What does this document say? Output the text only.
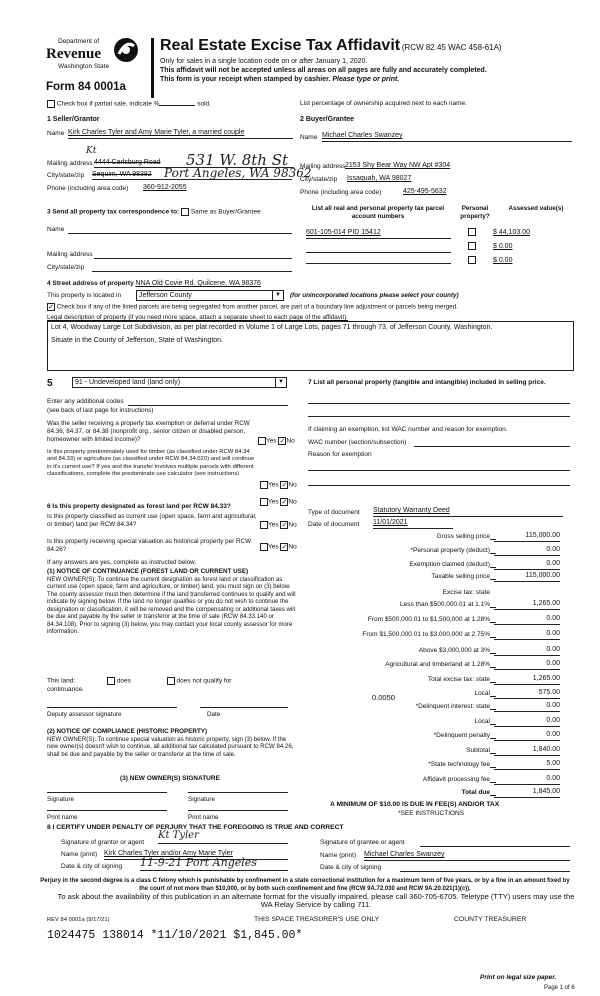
Department of
Revenue
Washington State
Form 84 0001a
Real Estate Excise Tax Affidavit (RCW 82.45 WAC 458-61A)
Only for sales in a single location code on or after January 1, 2020.
This affidavit will not be accepted unless all areas on all pages are fully and accurately completed.
This form is your receipt when stamped by cashier. Please type or print.
Check box if partial sale, indicate %	sold.	List percentage of ownership acquired next to each name.
1 Seller/Grantor
Name Kirk Charles Tyler and Amy Marie Tyler, a married couple
Kt
Mailing address 4444 Carlsburg Road 531 W. 8th St
City/state/zip Sequim, WA 98382 Port Angeles, WA 98362
Phone (including area code) 360-912-2055
2 Buyer/Grantee
Name Michael Charles Swanzey
Mailing address 2153 Shy Bear Way NW Apt #304
City/state/zip Issaquah, WA 98027
Phone (including area code)	425-495-5632
3 Send all property tax correspondence to: Same as Buyer/Grantee
Name
Mailing address
City/state/zip
List all real and personal property tax parcel account numbers
Personal property?
Assessed value(s)
601-105-014 PID 15412	$ 44,103.00
$ 0.00
$ 0.00
4 Street address of property NNA Old Covie Rd. Quilcene, WA 98376
This property is located in	Jefferson County	▼	(for unincorporated locations please select your county)
✓ Check box if any of the listed parcels are being segregated from another parcel, are part of a boundary line adjustment or parcels being merged.
Legal description of property (if you need more space, attach a separate sheet to each page of the affidavit).
Lot 4, Woodway Large Lot Subdivision, as per plat recorded in Volume 1 of Large Lots, pages 71 through 73, of Jefferson County, Washington.
Situate in the County of Jefferson, State of Washington.
5	91 - Undeveloped land (land only)	▼
Enter any additional codes
(see back of last page for instructions)
Was the seller receiving a property tax exemption or deferral under RCW 84.36, 84.37, or 84.38 (nonprofit org., senior citizen or disabled person, homeowner with limited income)?	Yes ✓No
Is this property predominately used for timber (as classified under RCW 84.34 and 84.33) or agriculture (as classified under RCW 84.34.020) and will continue in it's current use? If yes and the transfer involves multiple parcels with different classifications, complete the predominate use calculator (see instructions)
Yes ✓No
7 List all personal property (tangible and intangible) included in selling price.
If claiming an exemption, list WAC number and reason for exemption.
WAC number (section/subsection)
Reason for exemption
6 Is this property designated as forest land per RCW 84.33?
Yes ✓No
Is this property classified as current use (open space, farm and agricultural, or timber) land per RCW 84.34?	Yes ✓No
Is this property receiving special valuation as historical property per RCW 84.26?	Yes ✓No
If any answers are yes, complete as instructed below.
(1) NOTICE OF CONTINUANCE (FOREST LAND OR CURRENT USE)
NEW OWNER(S): To continue the current designation as forest land or classification as current use (open space, farm and agriculture, or timber) land, you must sign on (3) below. The county assessor must then determine if the land transferred continues to qualify and will indicate by signing below. If the land no longer qualifies or you do not wish to continue the designation or classification, it will be removed and the compensating or additional taxes will be due and payable by the seller or transferor at the time of sale (RCW 84.33.140 or 84.34.108). Prior to signing (3) below, you may contact your local county assessor for more information.
This land:	does	does not qualify for
continuance.
Deputy assessor signature	Date
(2) NOTICE OF COMPLIANCE (HISTORIC PROPERTY)
NEW OWNER(S): To continue special valuation as historic property, sign (3) below. If the new owner(s) doesn't wish to continue, all additional tax calculated pursuant to RCW 84.26, shall be due and payable by the seller or transferor at the time of sale.
(3) NEW OWNER(S) SIGNATURE
Signature	Signature
Print name	Print name
Type of document Statutory Warranty Deed
Date of document 11/01/2021
Gross selling price	115,000.00
*Personal property (deduct)	0.00
Exemption claimed (deduct)	0.00
Taxable selling price	115,000.00
Excise tax: state
Less than $500,000.01 at 1.1%	1,265.00
From $500,000.01 to $1,500,000 at 1.28%	0.00
From $1,500,000.01 to $3,000,000 at 2.75%	0.00
Above $3,000,000 at 3%	0.00
Agricultural and timberland at 1.28%	0.00
Total excise tax: state	1,265.00
Local	575.00
*Delinquent interest: state	0.00
Local	0.00
*Delinquent penalty	0.00
Subtotal	1,840.00
*State technology fee	5.00
Affidavit processing fee	0.00
Total due	1,845.00
0.0050
A MINIMUM OF $10.00 IS DUE IN FEE(S) AND/OR TAX
*SEE INSTRUCTIONS
8 I CERTIFY UNDER PENALTY OF PERJURY THAT THE FOREGOING IS TRUE AND CORRECT
Signature of grantor or agent
Kt Tyler
Name (print) Kirk Charles Tyler and/or Amy Marie Tyler
Date & city of signing 11-9-21 Port Angeles
Signature of grantee or agent
Name (print) Michael Charles Swanzey
Date & city of signing
Perjury in the second degree is a class C felony which is punishable by confinement in a state correctional institution for a maximum term of five years, or by a fine in an amount fixed by the court of not more than $10,000, or by both such confinement and fine (RCW 9A.72.030 and RCW 9A.20.021(1)(c)).
To ask about the availability of this publication in an alternate format for the visually impaired, please call 360-705-6705. Teletype (TTY) users may use the WA Relay Service by calling 711.
REV 84 0001a (9/17/21)	THIS SPACE TREASURER'S USE ONLY	COUNTY TREASURER
1024475 138014 *11/10/2021 $1,845.00*
Print on legal size paper.
Page 1 of 6
